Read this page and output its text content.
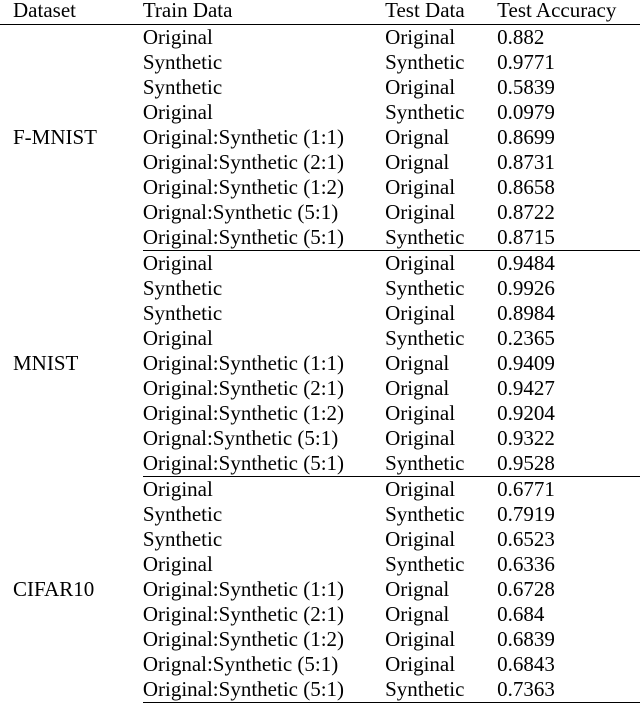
Dataset	Train Data	Test Data	Test Accuracy
F-MNIST	Original	Original	0.882
	Synthetic	Synthetic	0.9771
	Synthetic	Original	0.5839
	Original	Synthetic	0.0979
	Original:Synthetic (1:1)	Orignal	0.8699
	Original:Synthetic (2:1)	Orignal	0.8731
	Original:Synthetic (1:2)	Original	0.8658
	Orignal:Synthetic (5:1)	Original	0.8722
	Original:Synthetic (5:1)	Synthetic	0.8715
MNIST	Original	Original	0.9484
	Synthetic	Synthetic	0.9926
	Synthetic	Original	0.8984
	Original	Synthetic	0.2365
	Original:Synthetic (1:1)	Orignal	0.9409
	Original:Synthetic (2:1)	Orignal	0.9427
	Original:Synthetic (1:2)	Original	0.9204
	Orignal:Synthetic (5:1)	Original	0.9322
	Original:Synthetic (5:1)	Synthetic	0.9528
CIFAR10	Original	Original	0.6771
	Synthetic	Synthetic	0.7919
	Synthetic	Original	0.6523
	Original	Synthetic	0.6336
	Original:Synthetic (1:1)	Orignal	0.6728
	Original:Synthetic (2:1)	Orignal	0.684
	Original:Synthetic (1:2)	Original	0.6839
	Orignal:Synthetic (5:1)	Original	0.6843
	Original:Synthetic (5:1)	Synthetic	0.7363
